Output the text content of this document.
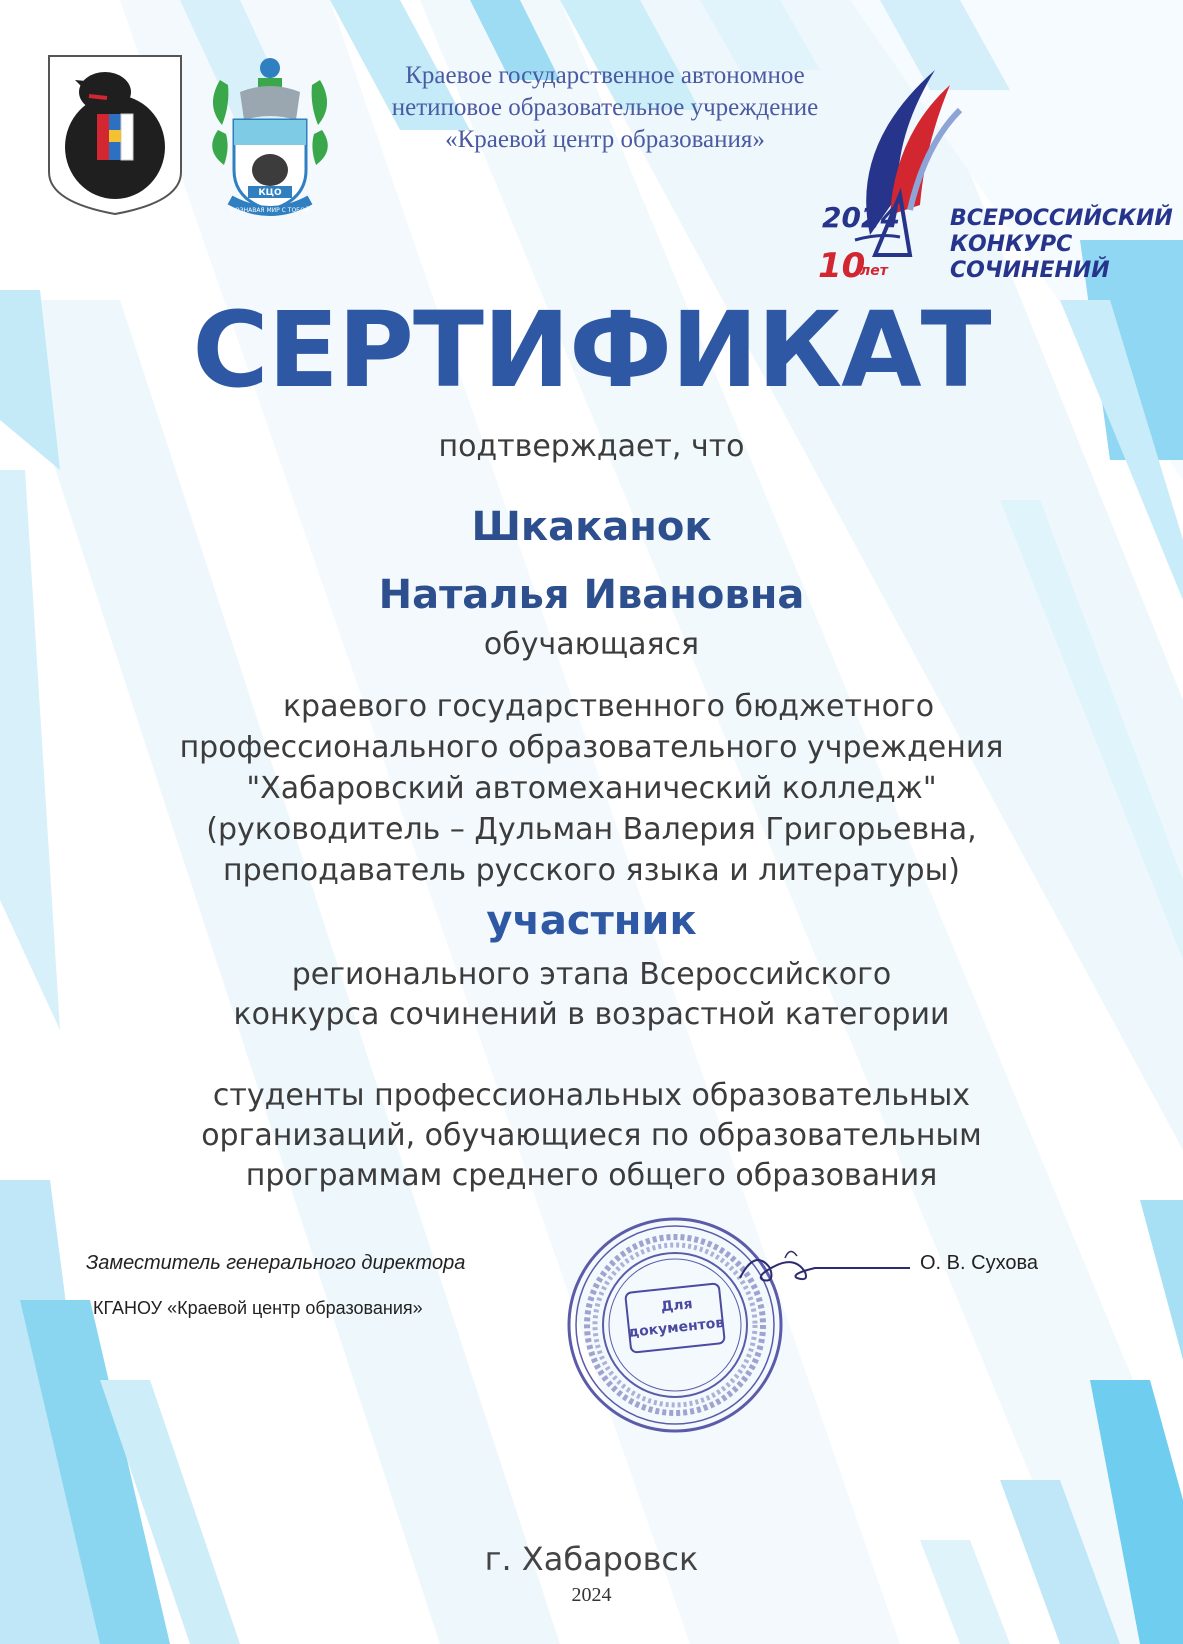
КЦО
ПОЗНАВАЯ МИР С ТОБОЙ
Краевое государственное автономное
нетиповое образовательное учреждение
«Краевой центр образования»
2024
10
лет
ВСЕРОССИЙСКИЙ
КОНКУРС
СОЧИНЕНИЙ
СЕРТИФИКАТ
подтверждает, что
Шкаканок
Наталья Ивановна
обучающаяся
краевого государственного бюджетного
профессионального образовательного учреждения
"Хабаровский автомеханический колледж"
(руководитель – Дульман Валерия Григорьевна,
преподаватель русского языка и литературы)
участник
регионального этапа Всероссийского
конкурса сочинений в возрастной категории
студенты профессиональных образовательных
организаций, обучающиеся по образовательным
программам среднего общего образования
Заместитель генерального директора
КГАНОУ «Краевой центр образования»
О. В. Сухова
Для
документов
г. Хабаровск
2024
